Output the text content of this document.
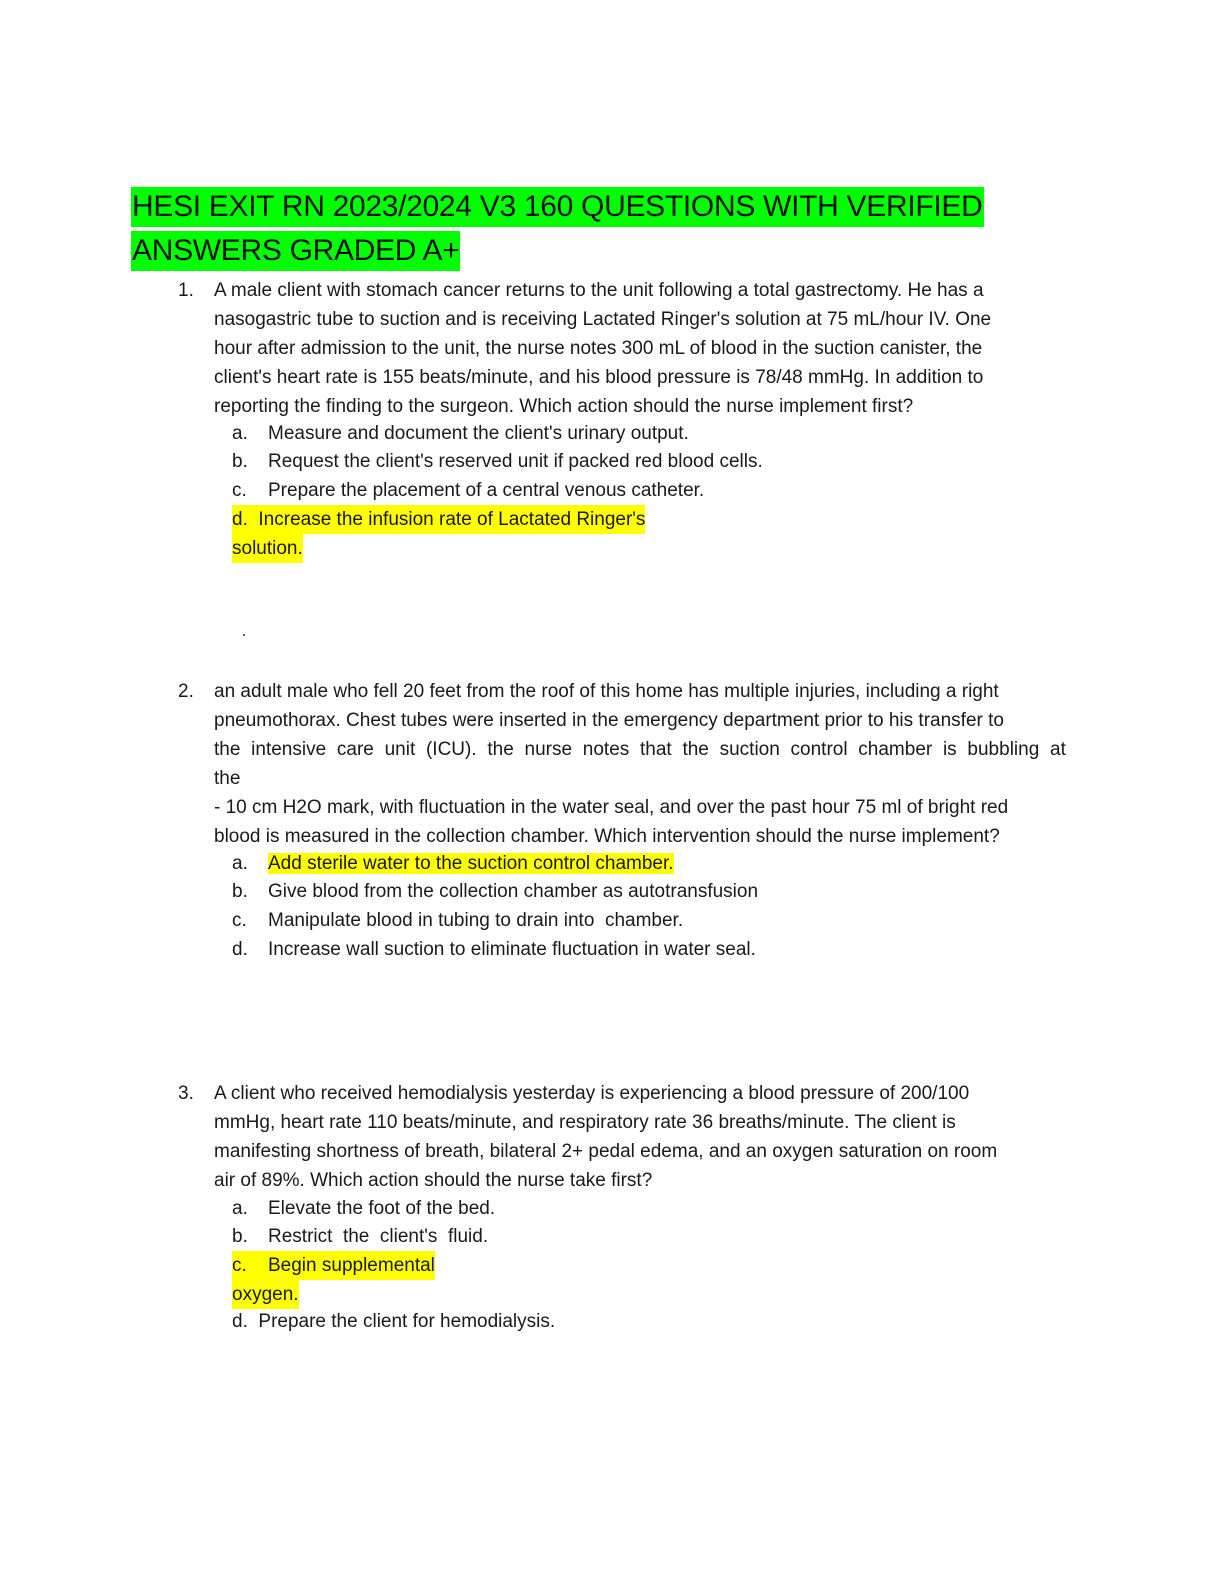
HESI EXIT RN 2023/2024 V3 160 QUESTIONS WITH VERIFIED
ANSWERS GRADED A+
1. A male client with stomach cancer returns to the unit following a total gastrectomy. He has a
nasogastric tube to suction and is receiving Lactated Ringer's solution at 75 mL/hour IV. One
hour after admission to the unit, the nurse notes 300 mL of blood in the suction canister, the
client's heart rate is 155 beats/minute, and his blood pressure is 78/48 mmHg. In addition to
reporting the finding to the surgeon. Which action should the nurse implement first?
a. Measure and document the client's urinary output.
b. Request the client's reserved unit if packed red blood cells.
c. Prepare the placement of a central venous catheter.
d.  Increase the infusion rate of Lactated Ringer's
solution.
2. an adult male who fell 20 feet from the roof of this home has multiple injuries, including a right
pneumothorax. Chest tubes were inserted in the emergency department prior to his transfer to
the intensive care unit (ICU). the nurse notes that the suction control chamber is bubbling at
the
- 10 cm H2O mark, with fluctuation in the water seal, and over the past hour 75 ml of bright red
blood is measured in the collection chamber. Which intervention should the nurse implement?
a. Add sterile water to the suction control chamber.
b. Give blood from the collection chamber as autotransfusion
c. Manipulate blood in tubing to drain into  chamber.
d. Increase wall suction to eliminate fluctuation in water seal.
3. A client who received hemodialysis yesterday is experiencing a blood pressure of 200/100
mmHg, heart rate 110 beats/minute, and respiratory rate 36 breaths/minute. The client is
manifesting shortness of breath, bilateral 2+ pedal edema, and an oxygen saturation on room
air of 89%. Which action should the nurse take first?
a. Elevate the foot of the bed.
b. Restrict  the  client's  fluid.
c. Begin supplemental
oxygen.
d.  Prepare the client for hemodialysis.
